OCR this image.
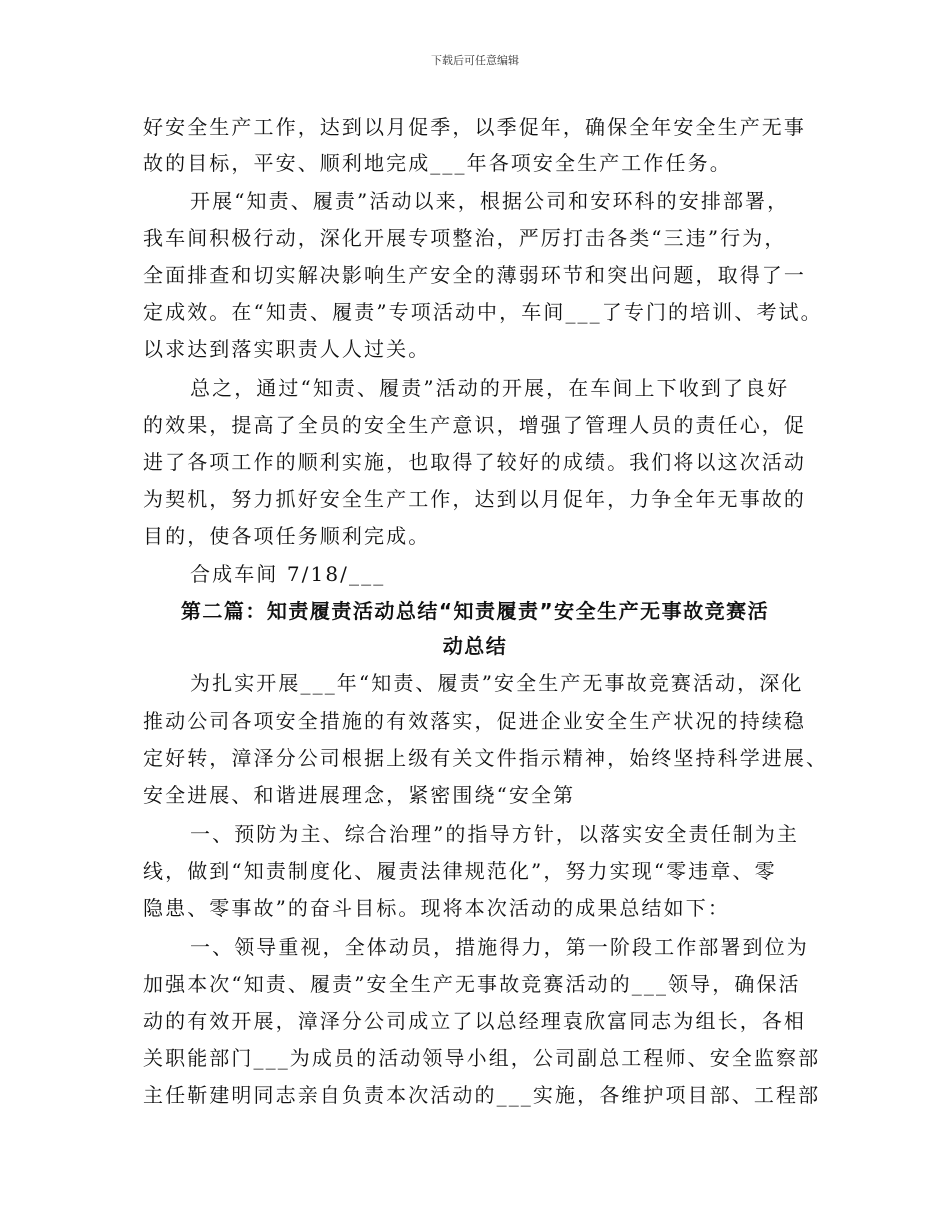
下载后可任意编辑
好安全生产工作，达到以月促季，以季促年，确保全年安全生产无事
故的目标，平安、顺利地完成___年各项安全生产工作任务。
开展“知责、履责”活动以来，根据公司和安环科的安排部署，
我车间积极行动，深化开展专项整治，严厉打击各类“三违”行为，
全面排查和切实解决影响生产安全的薄弱环节和突出问题，取得了一
定成效。在“知责、履责”专项活动中，车间___了专门的培训、考试。
以求达到落实职责人人过关。
总之，通过“知责、履责”活动的开展，在车间上下收到了良好
的效果，提高了全员的安全生产意识，增强了管理人员的责任心，促
进了各项工作的顺利实施，也取得了较好的成绩。我们将以这次活动
为契机，努力抓好安全生产工作，达到以月促年，力争全年无事故的
目的，使各项任务顺利完成。
合成车间 7/18/___
第二篇：知责履责活动总结“知责履责”安全生产无事故竞赛活
动总结
为扎实开展___年“知责、履责”安全生产无事故竞赛活动，深化
推动公司各项安全措施的有效落实，促进企业安全生产状况的持续稳
定好转，漳泽分公司根据上级有关文件指示精神，始终坚持科学进展、
安全进展、和谐进展理念，紧密围绕“安全第
一、预防为主、综合治理”的指导方针，以落实安全责任制为主
线，做到“知责制度化、履责法律规范化”，努力实现“零违章、零
隐患、零事故”的奋斗目标。现将本次活动的成果总结如下：
一、领导重视，全体动员，措施得力，第一阶段工作部署到位为
加强本次“知责、履责”安全生产无事故竞赛活动的___领导，确保活
动的有效开展，漳泽分公司成立了以总经理袁欣富同志为组长，各相
关职能部门___为成员的活动领导小组，公司副总工程师、安全监察部
主任靳建明同志亲自负责本次活动的___实施，各维护项目部、工程部
